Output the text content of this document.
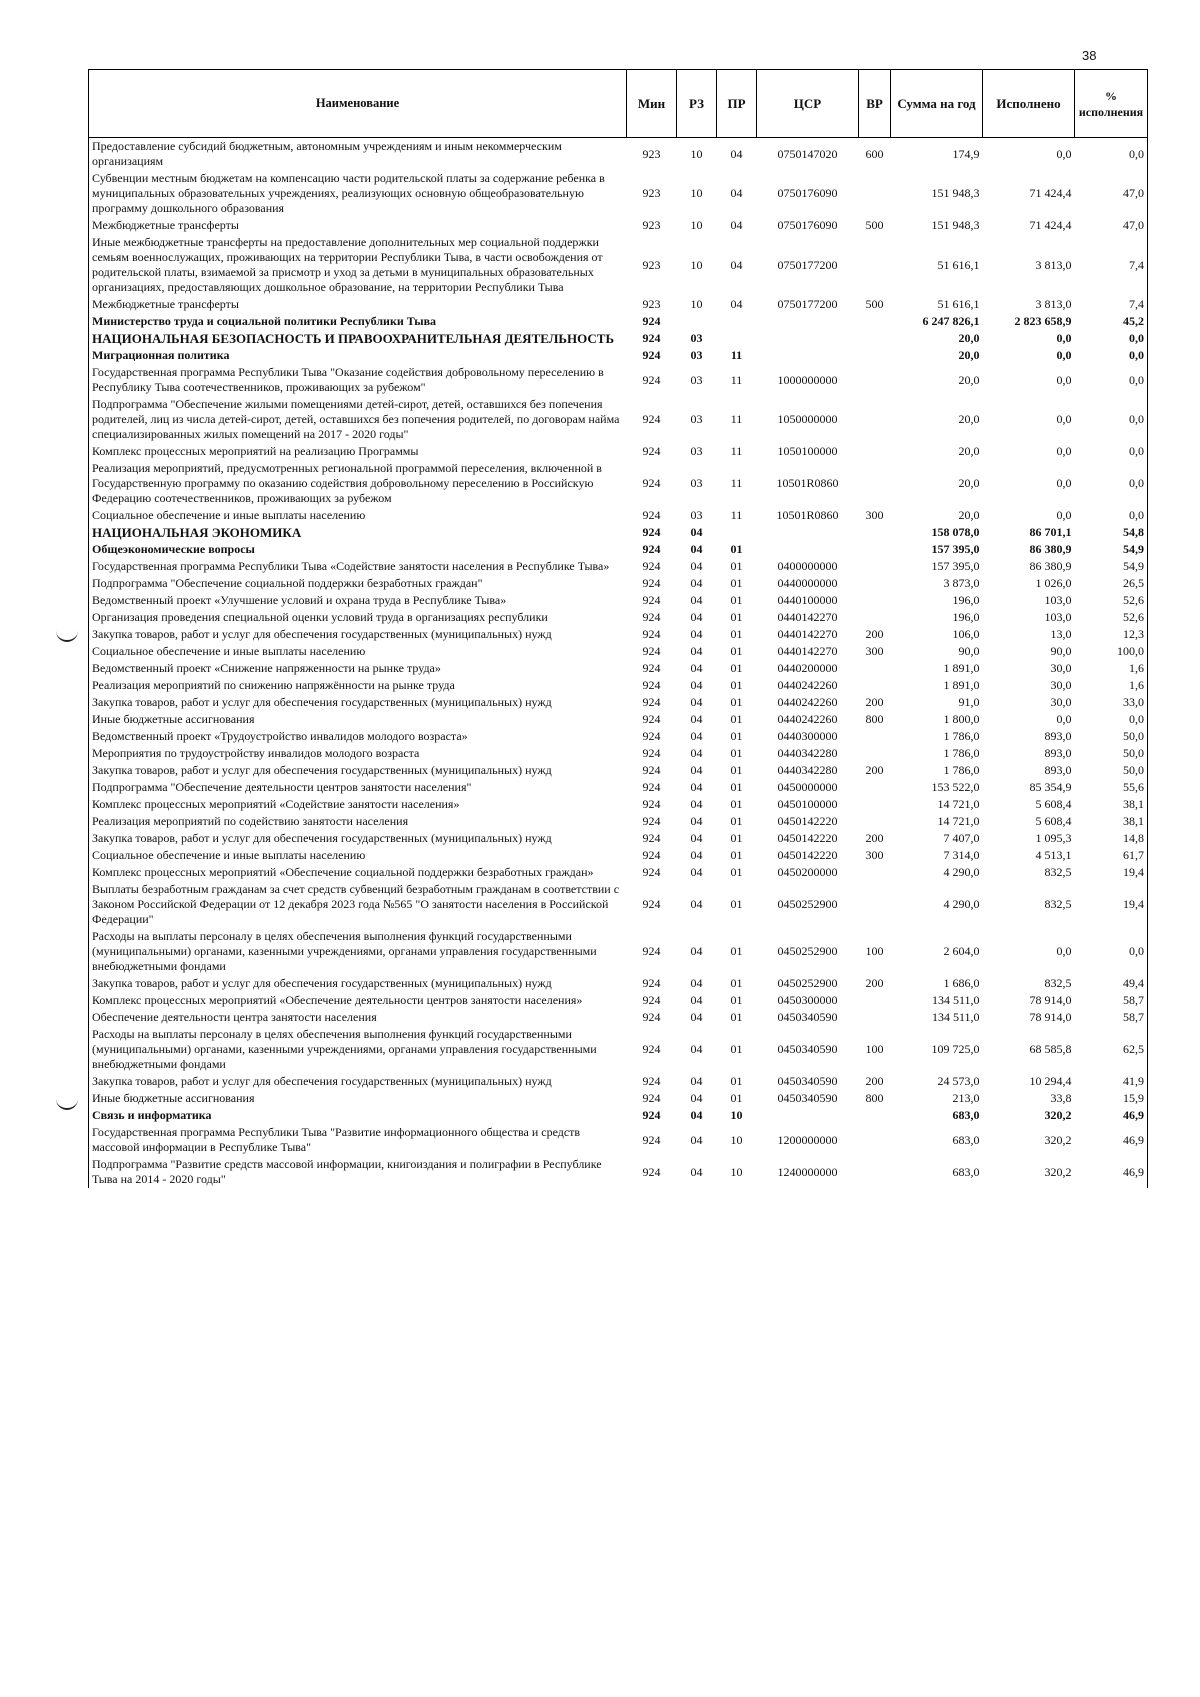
38
Наименование	Мин	РЗ	ПР	ЦСР	ВР	Сумма на год	Исполнено	% исполнения
Предоставление субсидий бюджетным, автономным учреждениям и иным некоммерческим организациям	923	10	04	0750147020	600	174,9	0,0	0,0
Субвенции местным бюджетам на компенсацию части родительской платы за содержание ребенка в муниципальных образовательных учреждениях, реализующих основную общеобразовательную программу дошкольного образования	923	10	04	0750176090		151 948,3	71 424,4	47,0
Межбюджетные трансферты	923	10	04	0750176090	500	151 948,3	71 424,4	47,0
Иные межбюджетные трансферты на предоставление дополнительных мер социальной поддержки семьям военнослужащих, проживающих на территории Республики Тыва, в части освобождения от родительской платы, взимаемой за присмотр и уход за детьми в муниципальных образовательных организациях, предоставляющих дошкольное образование, на территории Республики Тыва	923	10	04	0750177200		51 616,1	3 813,0	7,4
Межбюджетные трансферты	923	10	04	0750177200	500	51 616,1	3 813,0	7,4
Министерство труда и социальной политики Республики Тыва	924					6 247 826,1	2 823 658,9	45,2
НАЦИОНАЛЬНАЯ БЕЗОПАСНОСТЬ И ПРАВООХРАНИТЕЛЬНАЯ ДЕЯТЕЛЬНОСТЬ	924	03				20,0	0,0	0,0
Миграционная политика	924	03	11			20,0	0,0	0,0
Государственная программа Республики Тыва "Оказание содействия добровольному переселению в Республику Тыва соотечественников, проживающих за рубежом"	924	03	11	1000000000		20,0	0,0	0,0
Подпрограмма "Обеспечение жилыми помещениями детей-сирот, детей, оставшихся без попечения родителей, лиц из числа детей-сирот, детей, оставшихся без попечения родителей, по договорам найма специализированных жилых помещений на 2017 - 2020 годы"	924	03	11	1050000000		20,0	0,0	0,0
Комплекс процессных мероприятий на реализацию Программы	924	03	11	1050100000		20,0	0,0	0,0
Реализация мероприятий, предусмотренных региональной программой переселения, включенной в Государственную программу по оказанию содействия добровольному переселению в Российскую Федерацию соотечественников, проживающих за рубежом	924	03	11	10501R0860		20,0	0,0	0,0
Социальное обеспечение и иные выплаты населению	924	03	11	10501R0860	300	20,0	0,0	0,0
НАЦИОНАЛЬНАЯ ЭКОНОМИКА	924	04				158 078,0	86 701,1	54,8
Общеэкономические вопросы	924	04	01			157 395,0	86 380,9	54,9
Государственная программа Республики Тыва «Содействие занятости населения в Республике Тыва»	924	04	01	0400000000		157 395,0	86 380,9	54,9
Подпрограмма "Обеспечение социальной поддержки безработных граждан"	924	04	01	0440000000		3 873,0	1 026,0	26,5
Ведомственный проект «Улучшение условий и охрана труда в Республике Тыва»	924	04	01	0440100000		196,0	103,0	52,6
Организация проведения специальной оценки условий труда в организациях республики	924	04	01	0440142270		196,0	103,0	52,6
Закупка товаров, работ и услуг для обеспечения государственных (муниципальных) нужд	924	04	01	0440142270	200	106,0	13,0	12,3
Социальное обеспечение и иные выплаты населению	924	04	01	0440142270	300	90,0	90,0	100,0
Ведомственный проект «Снижение напряженности на рынке труда»	924	04	01	0440200000		1 891,0	30,0	1,6
Реализация мероприятий по снижению напряжённости на рынке труда	924	04	01	0440242260		1 891,0	30,0	1,6
Закупка товаров, работ и услуг для обеспечения государственных (муниципальных) нужд	924	04	01	0440242260	200	91,0	30,0	33,0
Иные бюджетные ассигнования	924	04	01	0440242260	800	1 800,0	0,0	0,0
Ведомственный проект «Трудоустройство инвалидов молодого возраста»	924	04	01	0440300000		1 786,0	893,0	50,0
Мероприятия по трудоустройству инвалидов молодого возраста	924	04	01	0440342280		1 786,0	893,0	50,0
Закупка товаров, работ и услуг для обеспечения государственных (муниципальных) нужд	924	04	01	0440342280	200	1 786,0	893,0	50,0
Подпрограмма "Обеспечение деятельности центров занятости населения"	924	04	01	0450000000		153 522,0	85 354,9	55,6
Комплекс процессных мероприятий «Содействие занятости населения»	924	04	01	0450100000		14 721,0	5 608,4	38,1
Реализация мероприятий по содействию занятости населения	924	04	01	0450142220		14 721,0	5 608,4	38,1
Закупка товаров, работ и услуг для обеспечения государственных (муниципальных) нужд	924	04	01	0450142220	200	7 407,0	1 095,3	14,8
Социальное обеспечение и иные выплаты населению	924	04	01	0450142220	300	7 314,0	4 513,1	61,7
Комплекс процессных мероприятий «Обеспечение социальной поддержки безработных граждан»	924	04	01	0450200000		4 290,0	832,5	19,4
Выплаты безработным гражданам за счет средств субвенций безработным гражданам в соответствии с Законом Российской Федерации от 12 декабря 2023 года №565 "О занятости населения в Российской Федерации"	924	04	01	0450252900		4 290,0	832,5	19,4
Расходы на выплаты персоналу в целях обеспечения выполнения функций государственными (муниципальными) органами, казенными учреждениями, органами управления государственными внебюджетными фондами	924	04	01	0450252900	100	2 604,0	0,0	0,0
Закупка товаров, работ и услуг для обеспечения государственных (муниципальных) нужд	924	04	01	0450252900	200	1 686,0	832,5	49,4
Комплекс процессных мероприятий «Обеспечение деятельности центров занятости населения»	924	04	01	0450300000		134 511,0	78 914,0	58,7
Обеспечение деятельности центра занятости населения	924	04	01	0450340590		134 511,0	78 914,0	58,7
Расходы на выплаты персоналу в целях обеспечения выполнения функций государственными (муниципальными) органами, казенными учреждениями, органами управления государственными внебюджетными фондами	924	04	01	0450340590	100	109 725,0	68 585,8	62,5
Закупка товаров, работ и услуг для обеспечения государственных (муниципальных) нужд	924	04	01	0450340590	200	24 573,0	10 294,4	41,9
Иные бюджетные ассигнования	924	04	01	0450340590	800	213,0	33,8	15,9
Связь и информатика	924	04	10			683,0	320,2	46,9
Государственная программа Республики Тыва "Развитие информационного общества и средств массовой информации в Республике Тыва"	924	04	10	1200000000		683,0	320,2	46,9
Подпрограмма "Развитие средств массовой информации, книгоиздания и полиграфии в Республике Тыва на 2014 - 2020 годы"	924	04	10	1240000000		683,0	320,2	46,9
